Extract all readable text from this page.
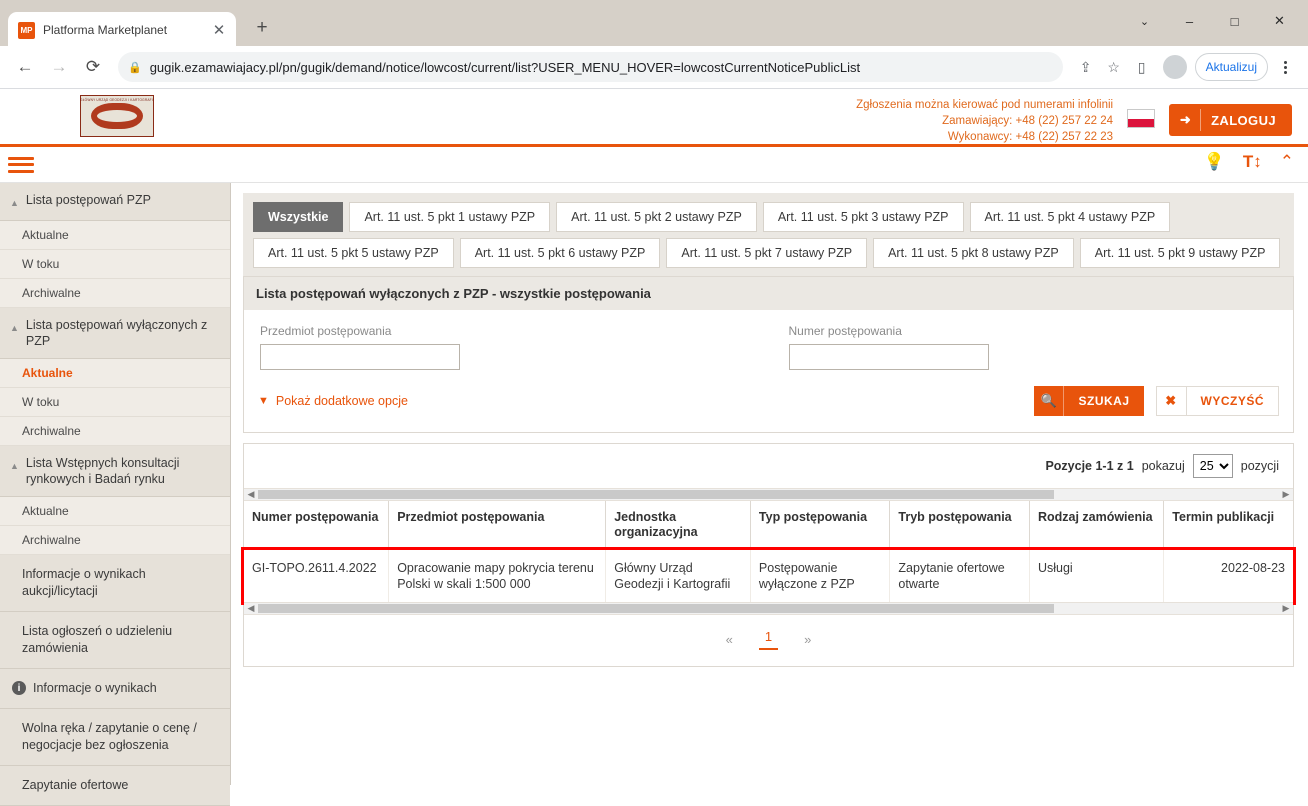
MP Platforma Marketplanet	✕	+	⌄	–	□	✕
←	→	⟳	🔒 gugik.ezamawiajacy.pl/pn/gugik/demand/notice/lowcost/current/list?USER_MENU_HOVER=lowcostCurrentNoticePublicList	⇪	☆	▯	Aktualizuj
GŁÓWNY URZĄD GEODEZJI I KARTOGRAFII	Zgłoszenia można kierować pod numerami infolinii
Zamawiający: +48 (22) 257 22 24
Wykonawcy: +48 (22) 257 22 23
➜	ZALOGUJ
💡 T↕ ⌃
▲ Lista postępowań PZP
Aktualne
W toku
Archiwalne
▲ Lista postępowań wyłączonych z PZP
Aktualne
W toku
Archiwalne
▲ Lista Wstępnych konsultacji rynkowych i Badań rynku
Aktualne
Archiwalne
Informacje o wynikach aukcji/licytacji
Lista ogłoszeń o udzieleniu zamówienia
i	Informacje o wynikach
Wolna ręka / zapytanie o cenę / negocjacje bez ogłoszenia
Zapytanie ofertowe
Wszystkie	Art. 11 ust. 5 pkt 1 ustawy PZP	Art. 11 ust. 5 pkt 2 ustawy PZP	Art. 11 ust. 5 pkt 3 ustawy PZP	Art. 11 ust. 5 pkt 4 ustawy PZP
Art. 11 ust. 5 pkt 5 ustawy PZP	Art. 11 ust. 5 pkt 6 ustawy PZP	Art. 11 ust. 5 pkt 7 ustawy PZP	Art. 11 ust. 5 pkt 8 ustawy PZP	Art. 11 ust. 5 pkt 9 ustawy PZP
Lista postępowań wyłączonych z PZP - wszystkie postępowania
Przedmiot postępowania	Numer postępowania
▼ Pokaż dodatkowe opcje	🔍	SZUKAJ	✖	WYCZYŚĆ
Pozycje 1-1 z 1 pokazuj
25	pozycji
◀	▶
Numer postępowania	Przedmiot postępowania	Jednostka organizacyjna	Typ postępowania	Tryb postępowania	Rodzaj zamówienia	Termin publikacji
GI-TOPO.2611.4.2022	Opracowanie mapy pokrycia terenu Polski w skali 1:500 000	Główny Urząd Geodezji i Kartografii	Postępowanie wyłączone z PZP	Zapytanie ofertowe otwarte	Usługi	2022-08-23
◀	▶
«	1	»
